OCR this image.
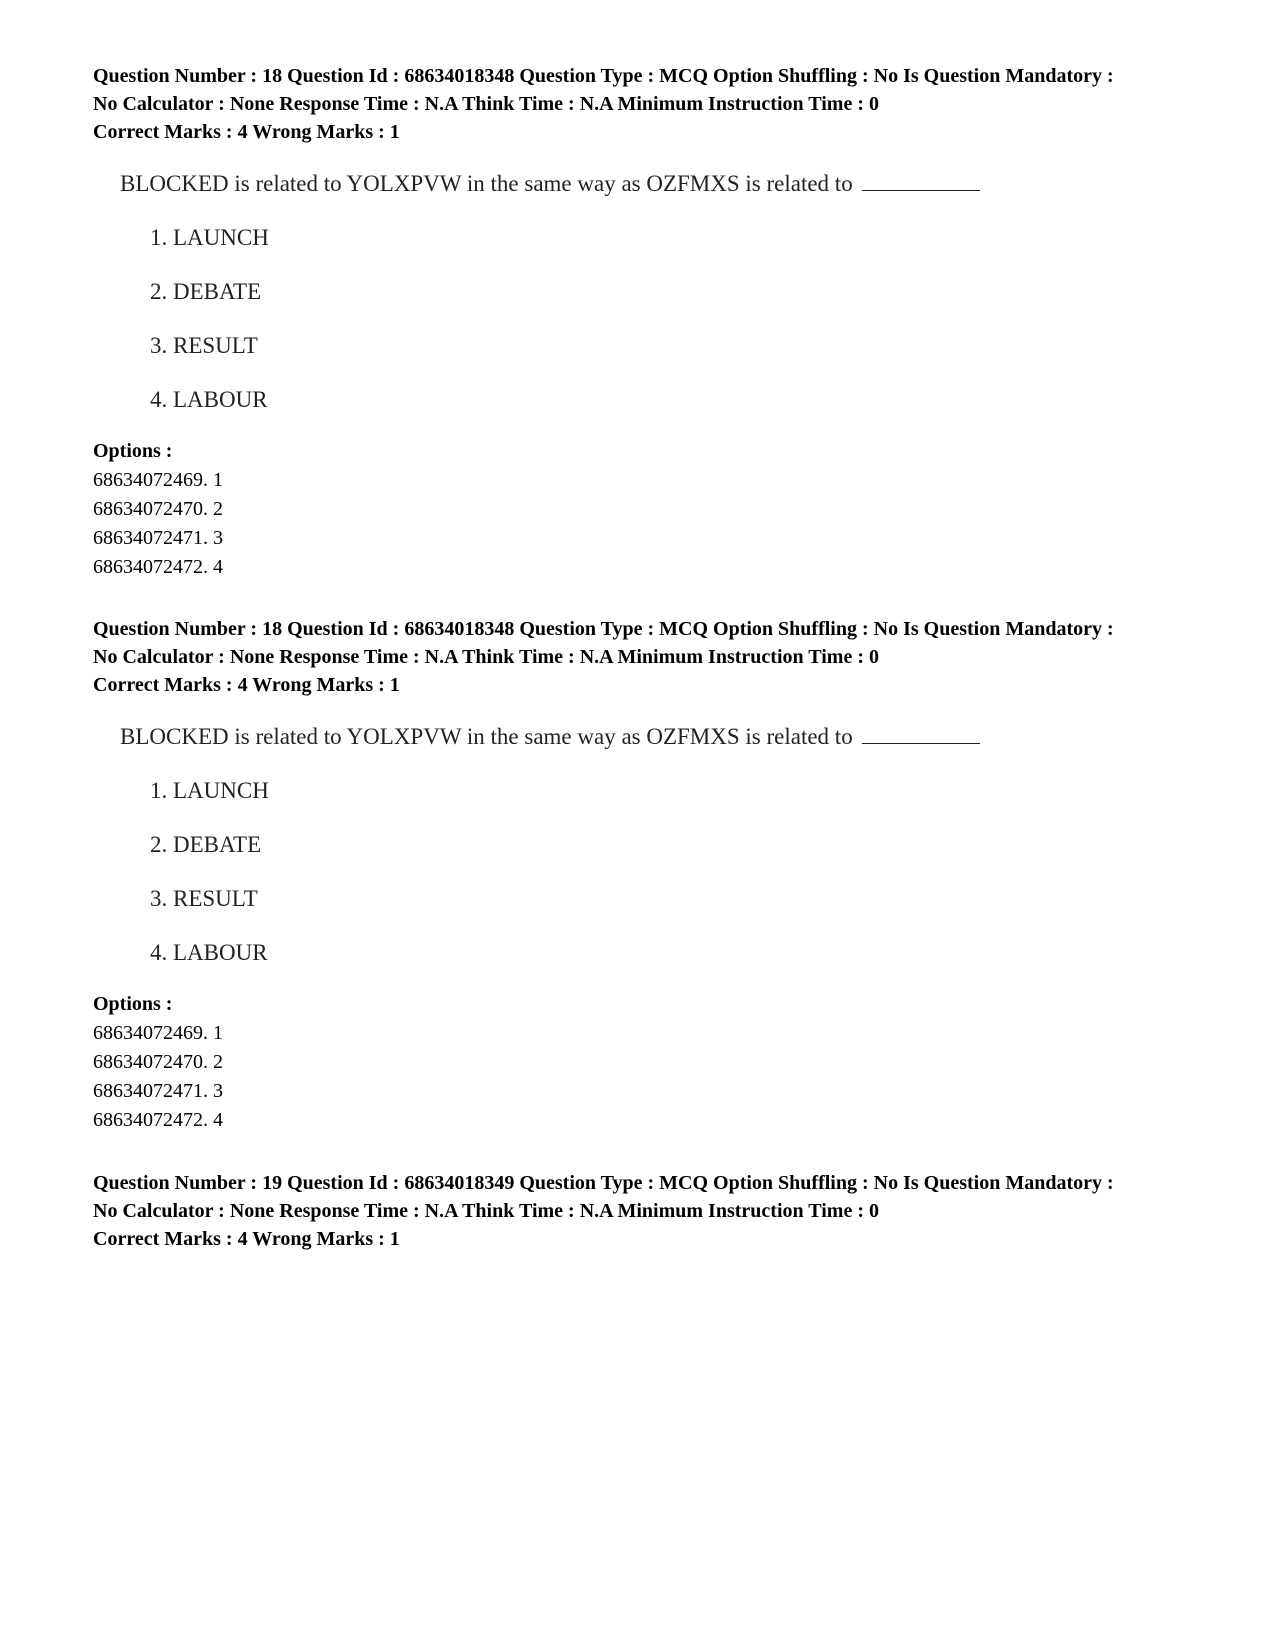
Question Number : 18 Question Id : 68634018348 Question Type : MCQ Option Shuffling : No Is Question Mandatory :
No Calculator : None Response Time : N.A Think Time : N.A Minimum Instruction Time : 0
Correct Marks : 4 Wrong Marks : 1
BLOCKED is related to YOLXPVW in the same way as OZFMXS is related to
1. LAUNCH
2. DEBATE
3. RESULT
4. LABOUR
Options :
68634072469. 1
68634072470. 2
68634072471. 3
68634072472. 4
Question Number : 18 Question Id : 68634018348 Question Type : MCQ Option Shuffling : No Is Question Mandatory :
No Calculator : None Response Time : N.A Think Time : N.A Minimum Instruction Time : 0
Correct Marks : 4 Wrong Marks : 1
BLOCKED is related to YOLXPVW in the same way as OZFMXS is related to
1. LAUNCH
2. DEBATE
3. RESULT
4. LABOUR
Options :
68634072469. 1
68634072470. 2
68634072471. 3
68634072472. 4
Question Number : 19 Question Id : 68634018349 Question Type : MCQ Option Shuffling : No Is Question Mandatory :
No Calculator : None Response Time : N.A Think Time : N.A Minimum Instruction Time : 0
Correct Marks : 4 Wrong Marks : 1
